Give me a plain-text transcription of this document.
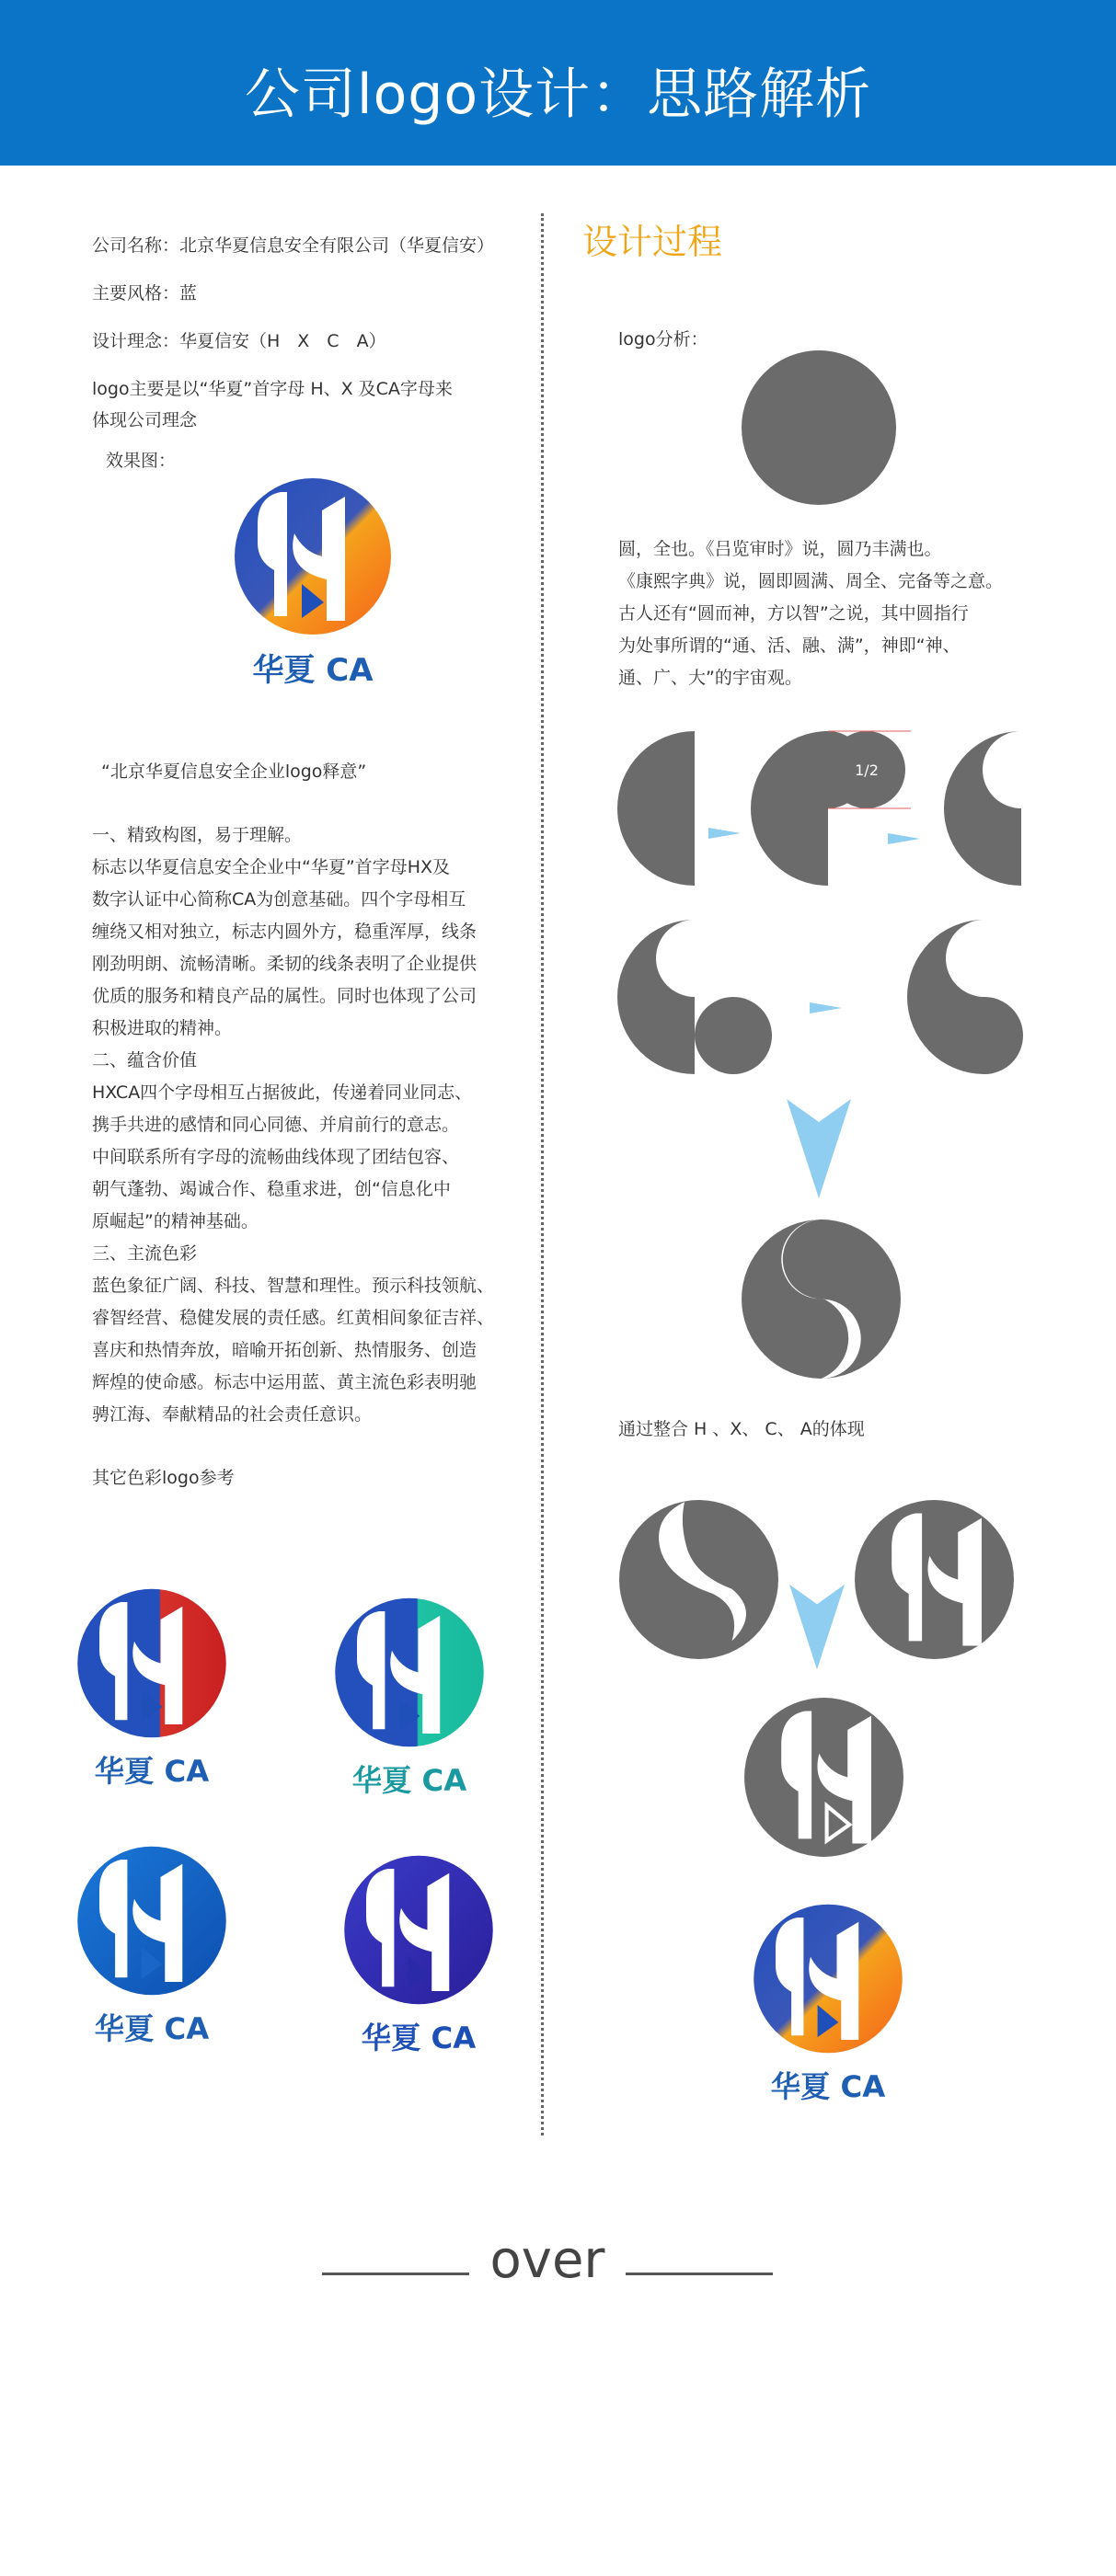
公司logo设计：思路解析
公司名称：北京华夏信息安全有限公司（华夏信安）
主要风格：蓝
设计理念：华夏信安（H　X　C　A）
logo主要是以“华夏”首字母 H、X 及CA字母来
体现公司理念
效果图：
华夏 CA

“北京华夏信息安全企业logo释意”

一、精致构图，易于理解。

标志以华夏信息安全企业中“华夏”首字母HX及

数字认证中心简称CA为创意基础。四个字母相互

缠绕又相对独立，标志内圆外方，稳重浑厚，线条

刚劲明朗、流畅清晰。柔韧的线条表明了企业提供

优质的服务和精良产品的属性。同时也体现了公司

积极进取的精神。

二、蕴含价值

HXCA四个字母相互占据彼此，传递着同业同志、

携手共进的感情和同心同德、并肩前行的意志。

中间联系所有字母的流畅曲线体现了团结包容、

朝气蓬勃、竭诚合作、稳重求进，创“信息化中

原崛起”的精神基础。

三、主流色彩

蓝色象征广阔、科技、智慧和理性。预示科技领航、

睿智经营、稳健发展的责任感。红黄相间象征吉祥、

喜庆和热情奔放，暗喻开拓创新、热情服务、创造

辉煌的使命感。标志中运用蓝、黄主流色彩表明驰

骋江海、奉献精品的社会责任意识。

其它色彩logo参考
华夏 CA	华夏 CA
华夏 CA	华夏 CA
设计过程
logo分析：
圆，全也。《吕览审时》说，圆乃丰满也。
《康熙字典》说，圆即圆满、周全、完备等之意。
古人还有“圆而神，方以智”之说，其中圆指行
为处事所谓的“通、活、融、满”，神即“神、
通、广、大”的宇宙观。
1/2
通过整合 H 、X、 C、 A的体现
华夏 CA
over
